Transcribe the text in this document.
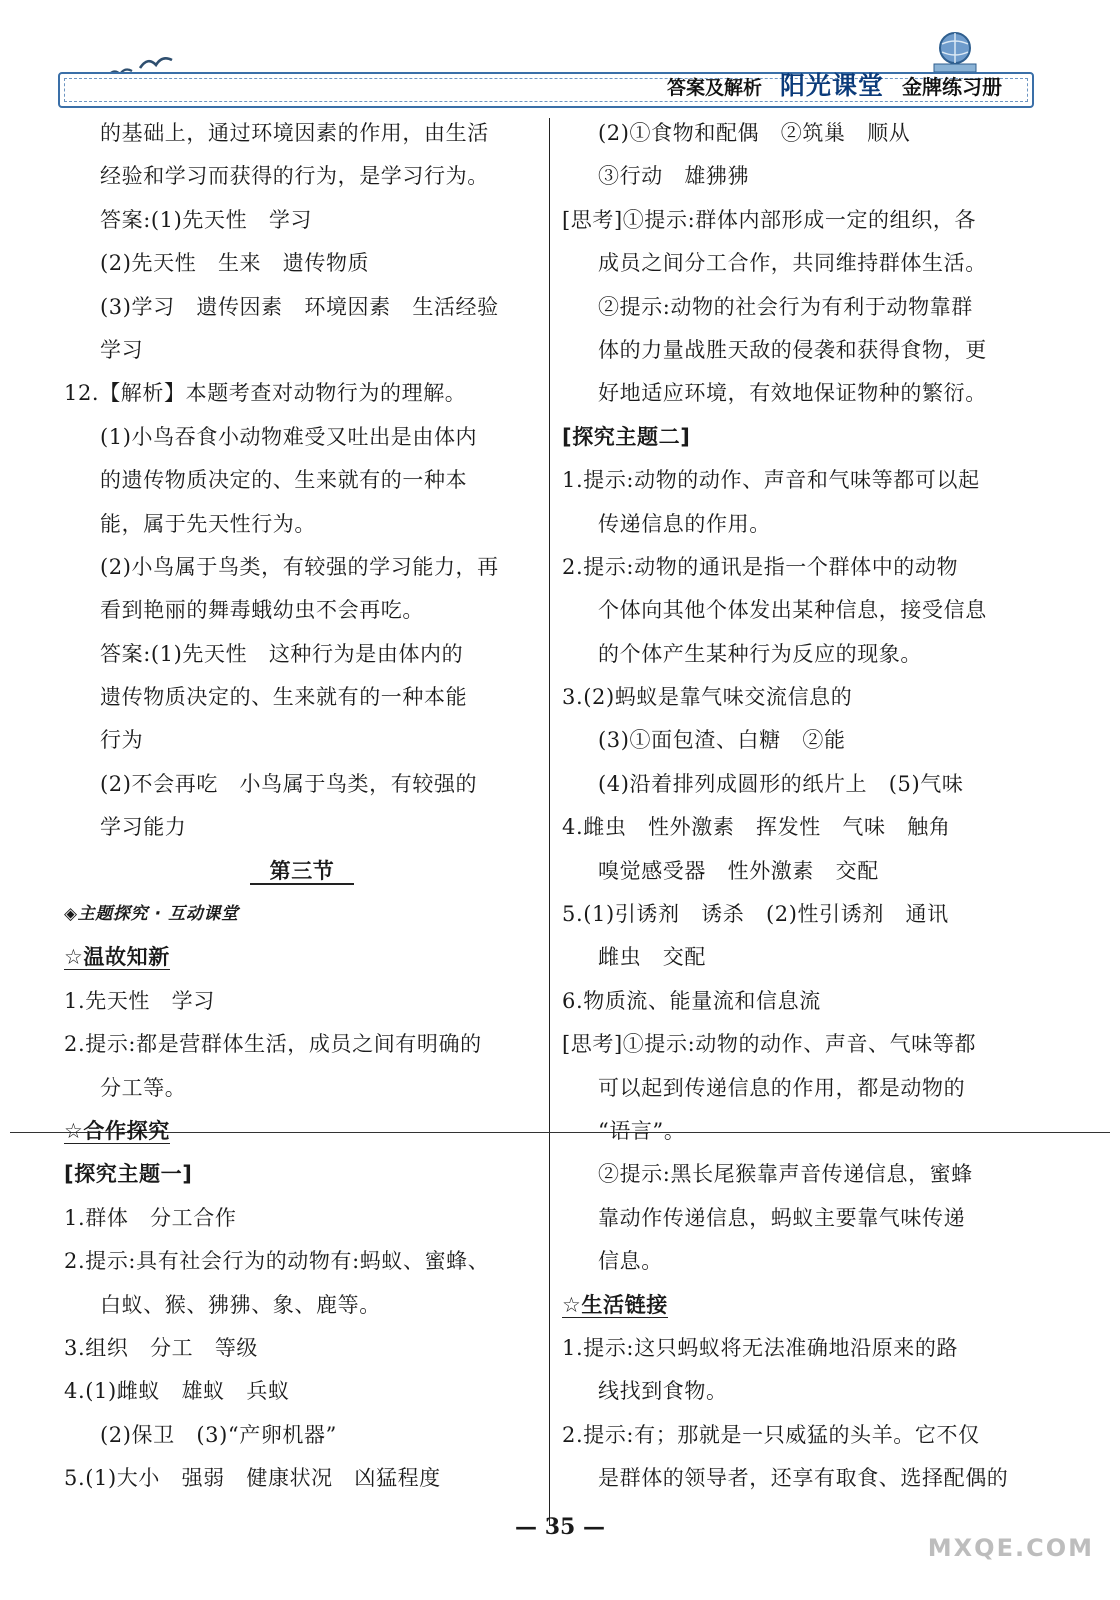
答案及解析 阳光课堂 金牌练习册
的基础上，通过环境因素的作用，由生活
经验和学习而获得的行为，是学习行为。
答案:(1)先天性　学习
(2)先天性　生来　遗传物质
(3)学习　遗传因素　环境因素　生活经验
学习
12.【解析】本题考查对动物行为的理解。
(1)小鸟吞食小动物难受又吐出是由体内
的遗传物质决定的、生来就有的一种本
能，属于先天性行为。
(2)小鸟属于鸟类，有较强的学习能力，再
看到艳丽的舞毒蛾幼虫不会再吃。
答案:(1)先天性　这种行为是由体内的
遗传物质决定的、生来就有的一种本能
行为
(2)不会再吃　小鸟属于鸟类，有较强的
学习能力
第三节
◈主题探究 · 互动课堂
☆温故知新
1.先天性　学习
2.提示:都是营群体生活，成员之间有明确的
分工等。
☆合作探究
[探究主题一]
1.群体　分工合作
2.提示:具有社会行为的动物有:蚂蚁、蜜蜂、
白蚁、猴、狒狒、象、鹿等。
3.组织　分工　等级
4.(1)雌蚁　雄蚁　兵蚁
(2)保卫　(3)“产卵机器”
5.(1)大小　强弱　健康状况　凶猛程度
(2)①食物和配偶　②筑巢　顺从
③行动　雄狒狒
[思考]①提示:群体内部形成一定的组织，各
成员之间分工合作，共同维持群体生活。
②提示:动物的社会行为有利于动物靠群
体的力量战胜天敌的侵袭和获得食物，更
好地适应环境，有效地保证物种的繁衍。
[探究主题二]
1.提示:动物的动作、声音和气味等都可以起
传递信息的作用。
2.提示:动物的通讯是指一个群体中的动物
个体向其他个体发出某种信息，接受信息
的个体产生某种行为反应的现象。
3.(2)蚂蚁是靠气味交流信息的
(3)①面包渣、白糖　②能
(4)沿着排列成圆形的纸片上　(5)气味
4.雌虫　性外激素　挥发性　气味　触角
嗅觉感受器　性外激素　交配
5.(1)引诱剂　诱杀　(2)性引诱剂　通讯
雌虫　交配
6.物质流、能量流和信息流
[思考]①提示:动物的动作、声音、气味等都
可以起到传递信息的作用，都是动物的
“语言”。
②提示:黑长尾猴靠声音传递信息，蜜蜂
靠动作传递信息，蚂蚁主要靠气味传递
信息。
☆生活链接
1.提示:这只蚂蚁将无法准确地沿原来的路
线找到食物。
2.提示:有；那就是一只威猛的头羊。它不仅
是群体的领导者，还享有取食、选择配偶的
— 35 —
MXQE.COM
